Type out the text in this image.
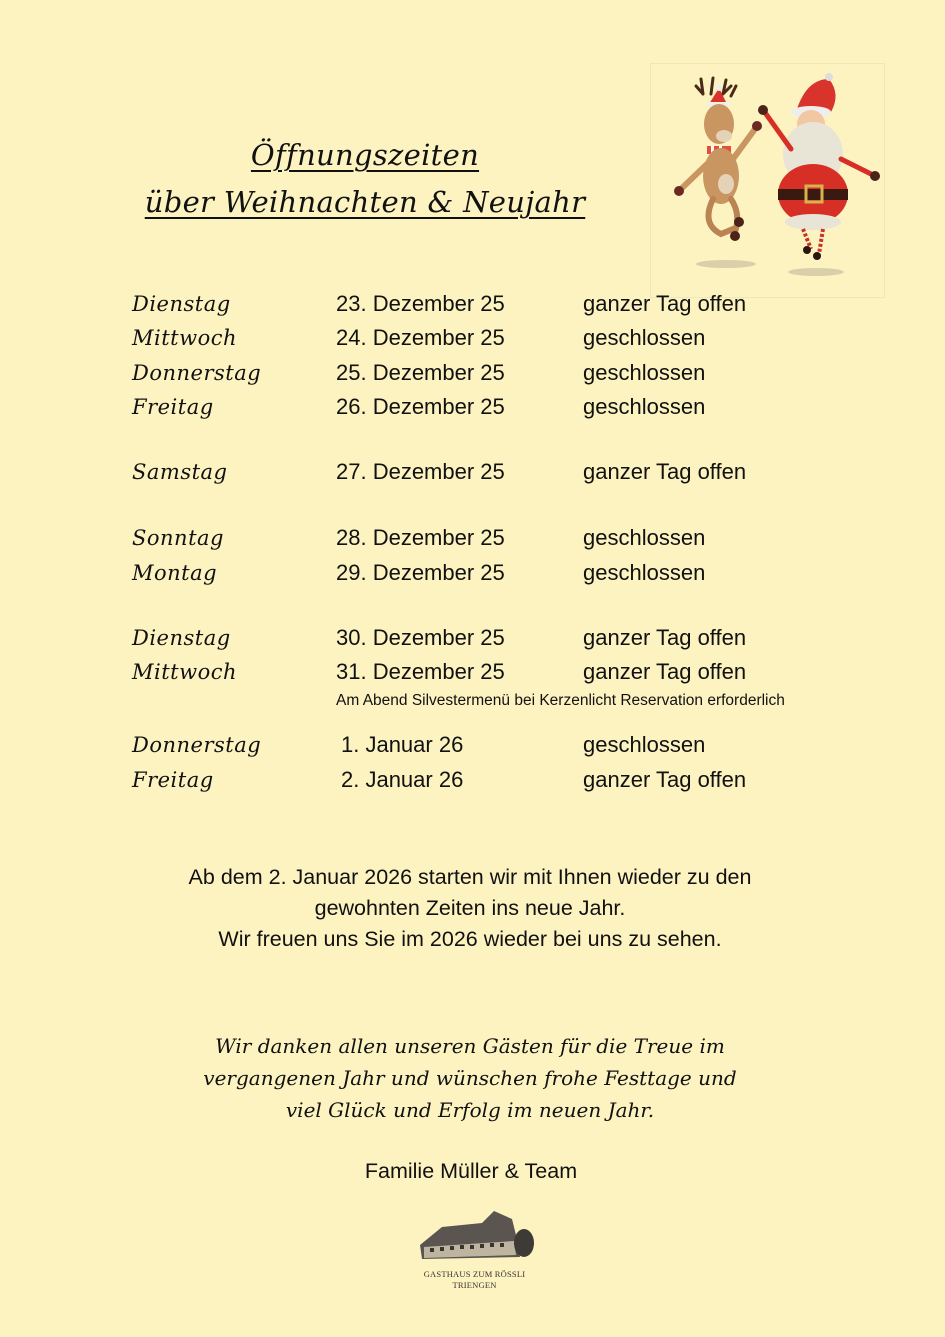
Öffnungszeiten
über Weihnachten & Neujahr
Dienstag	23. Dezember 25	ganzer Tag offen
Mittwoch	24. Dezember 25	geschlossen
Donnerstag	25. Dezember 25	geschlossen
Freitag	26. Dezember 25	geschlossen
Samstag	27. Dezember 25	ganzer Tag offen
Sonntag	28. Dezember 25	geschlossen
Montag	29. Dezember 25	geschlossen
Dienstag	30. Dezember 25	ganzer Tag offen
Mittwoch	31. Dezember 25	ganzer Tag offen
Am Abend Silvestermenü bei Kerzenlicht Reservation erforderlich
Donnerstag	1. Januar 26	geschlossen
Freitag	2. Januar 26	ganzer Tag offen
Ab dem 2. Januar 2026 starten wir mit Ihnen wieder zu den
gewohnten Zeiten ins neue Jahr.
Wir freuen uns Sie im 2026 wieder bei uns zu sehen.
Wir danken allen unseren Gästen für die Treue im
vergangenen Jahr und wünschen frohe Festtage und
viel Glück und Erfolg im neuen Jahr.
Familie Müller & Team
GASTHAUS ZUM RÖSSLI
TRIENGEN
